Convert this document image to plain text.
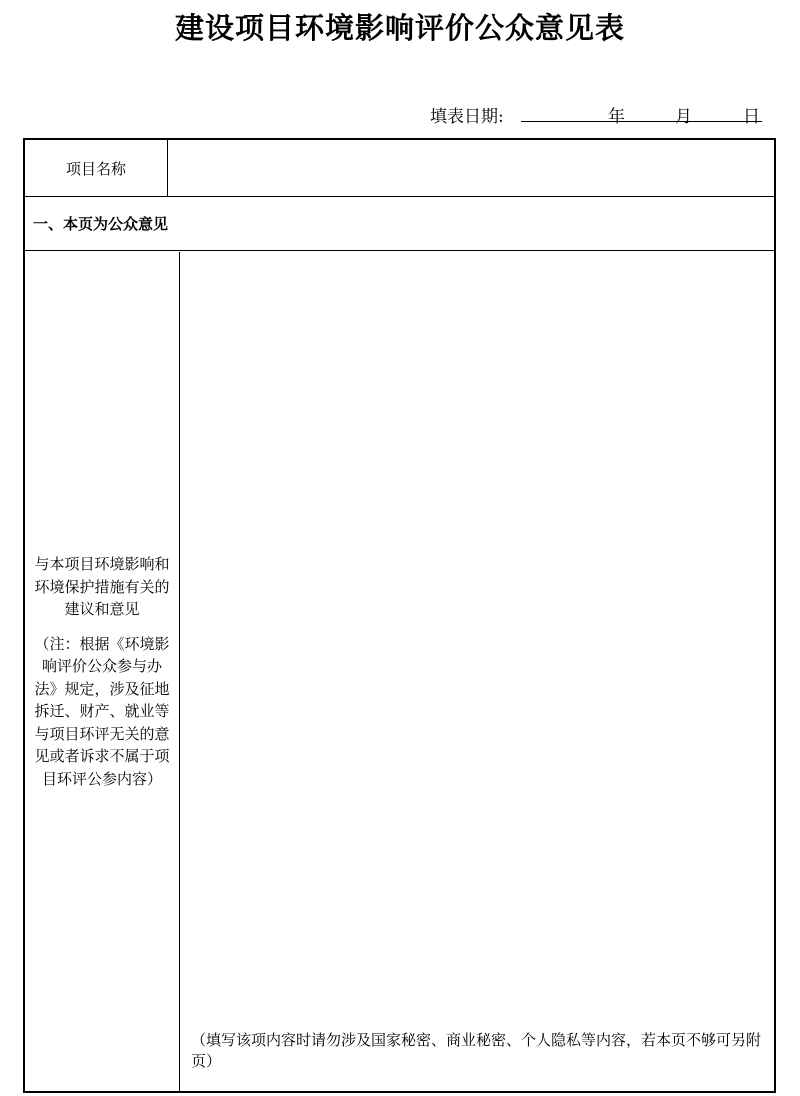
建设项目环境影响评价公众意见表
填表日期:	年	月	日
项目名称
一、本页为公众意见
与本项目环境影响和环境保护措施有关的建议和意见
（注：根据《环境影响评价公众参与办法》规定，涉及征地拆迁、财产、就业等与项目环评无关的意见或者诉求不属于项目环评公参内容）
（填写该项内容时请勿涉及国家秘密、商业秘密、个人隐私等内容，若本页不够可另附页）
